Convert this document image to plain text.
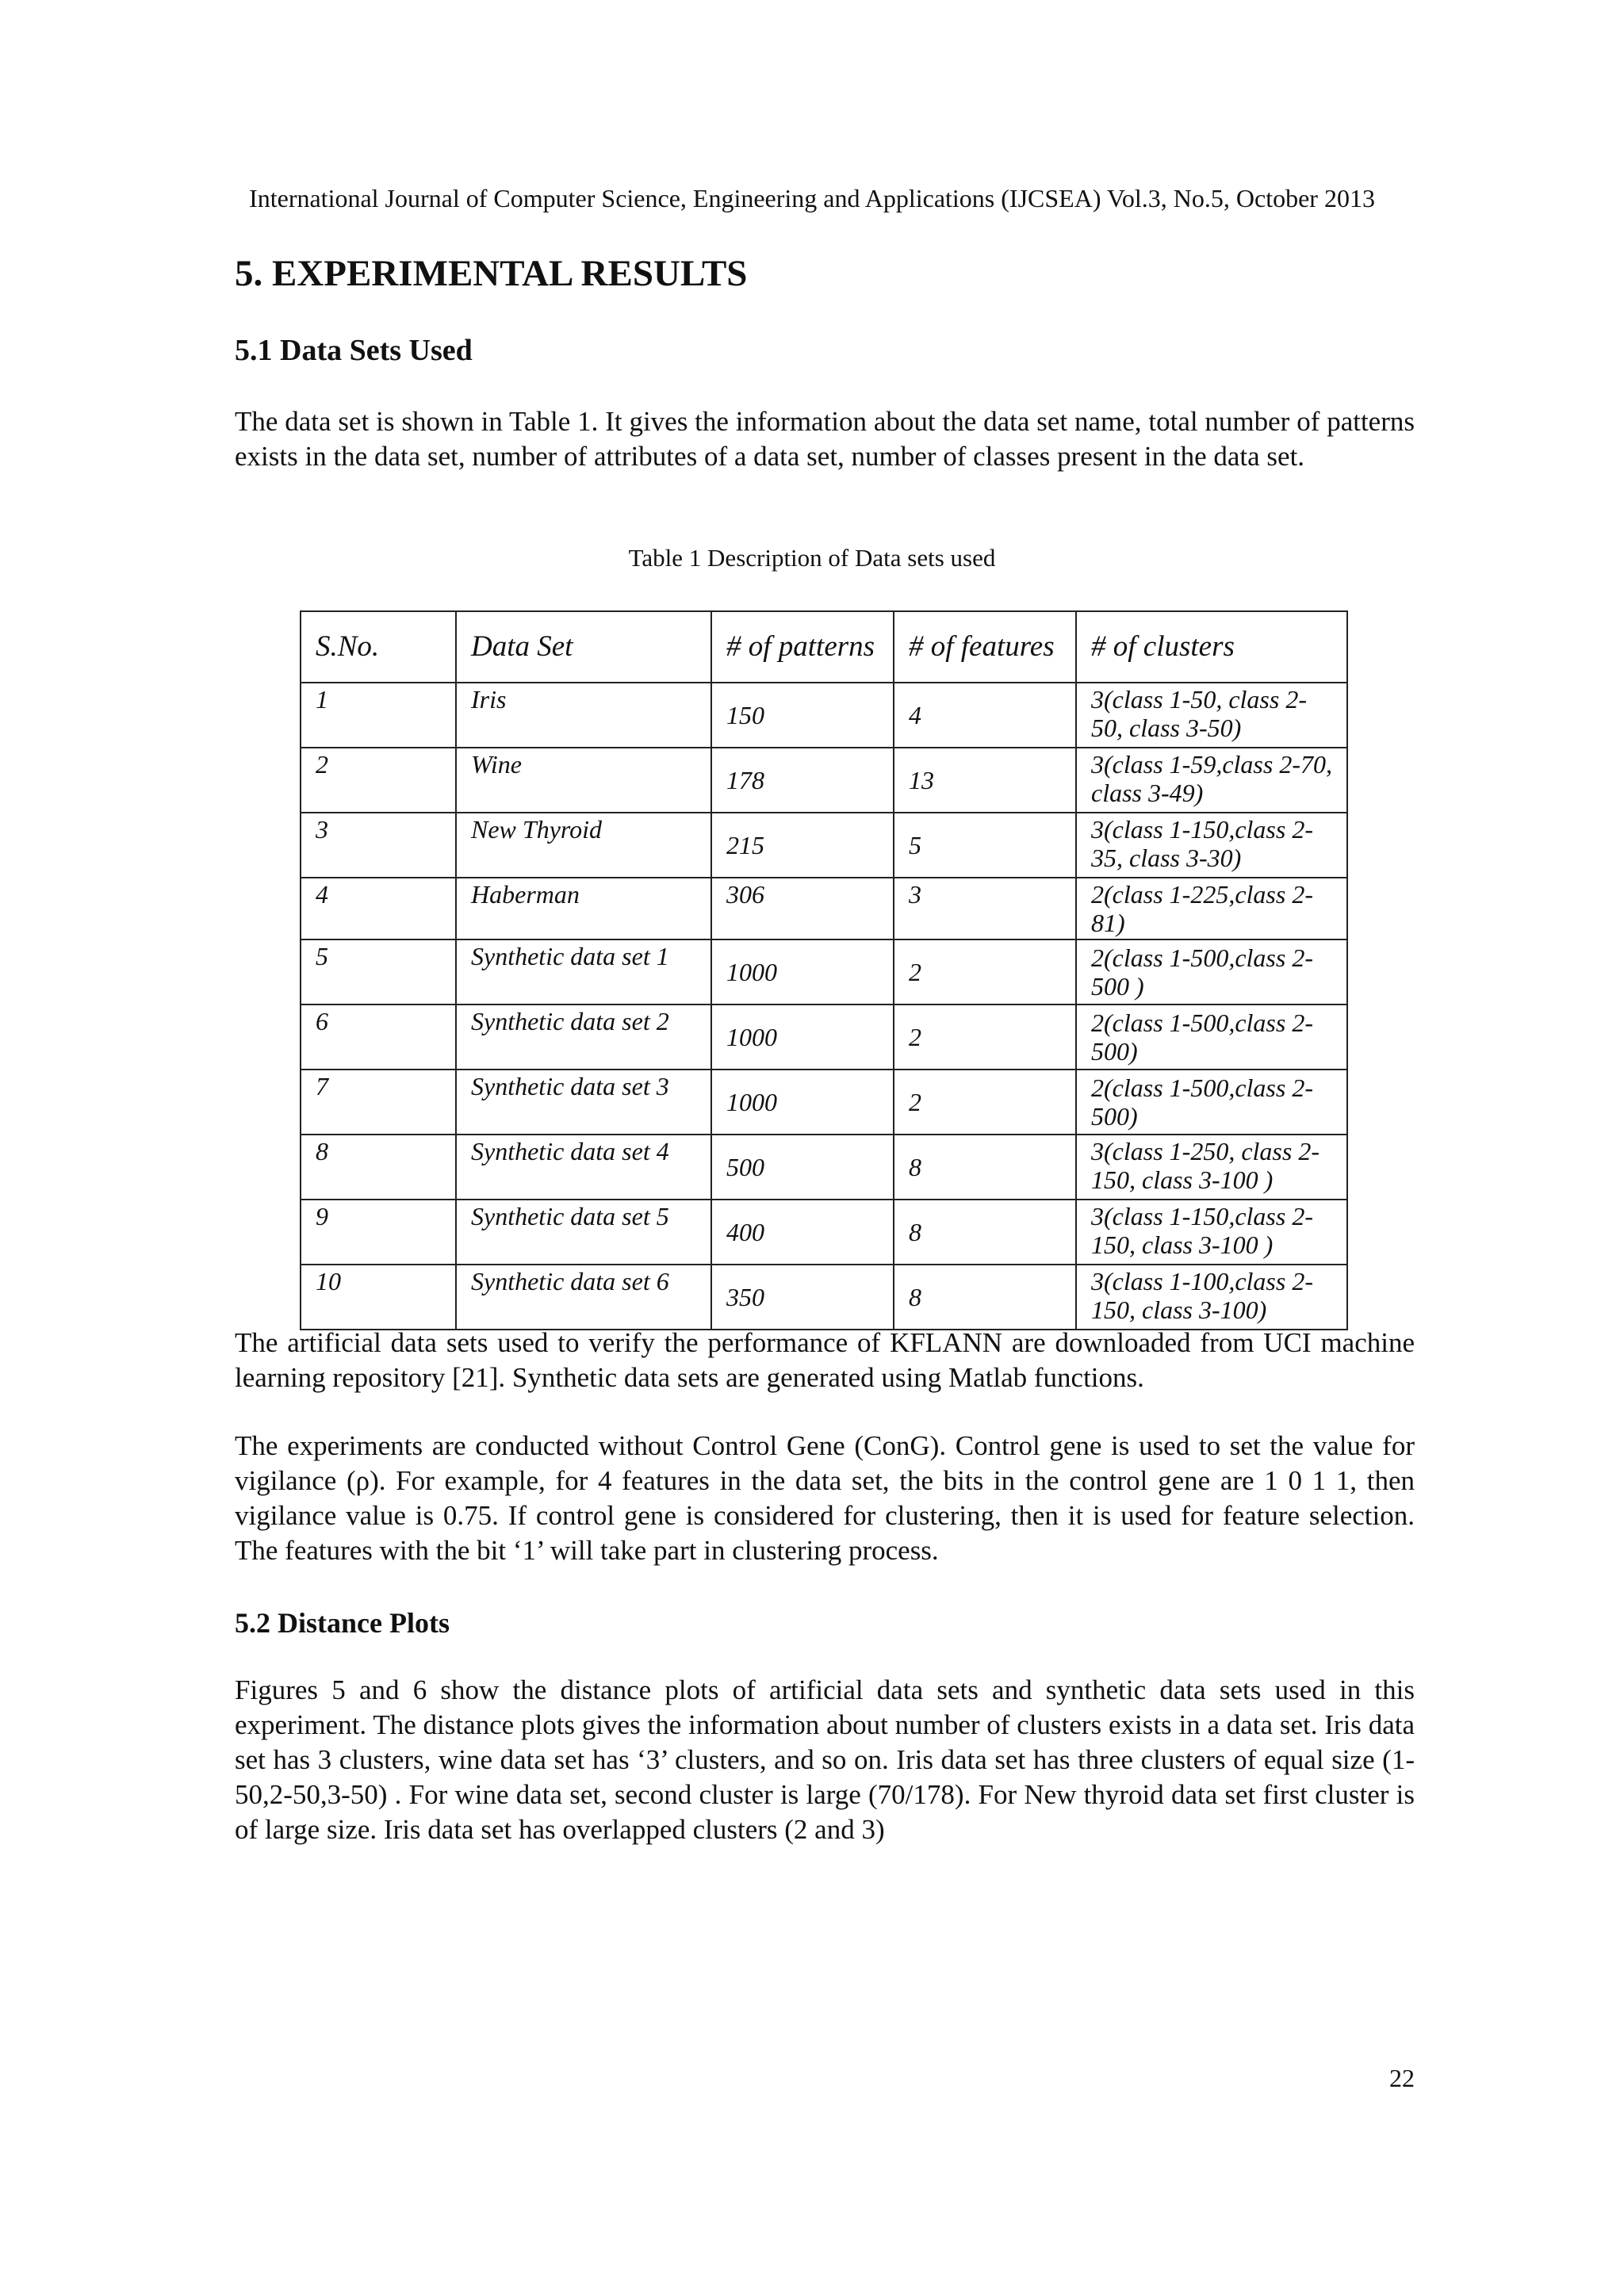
International Journal of Computer Science, Engineering and Applications (IJCSEA) Vol.3, No.5, October 2013
5. EXPERIMENTAL RESULTS
5.1 Data Sets Used

The data set is shown in Table 1. It gives the information about the data set name, total number of patterns exists in the data set, number of attributes of a data set, number of classes present in the data set.

Table 1 Description of Data sets used
S.No.	Data Set	# of patterns	# of features	# of clusters
1	Iris	150	4	3(class 1-50, class 2-50, class 3-50)
2	Wine	178	13	3(class 1-59,class 2-70, class 3-49)
3	New Thyroid	215	5	3(class 1-150,class 2-35, class 3-30)
4	Haberman	306	3	2(class 1-225,class 2-81)
5	Synthetic data set 1	1000	2	2(class 1-500,class 2-500 )
6	Synthetic data set 2	1000	2	2(class 1-500,class 2-500)
7	Synthetic data set 3	1000	2	2(class 1-500,class 2-500)
8	Synthetic data set 4	500	8	3(class 1-250, class 2-150, class 3-100 )
9	Synthetic data set 5	400	8	3(class 1-150,class 2-150, class 3-100 )
10	Synthetic data set 6	350	8	3(class 1-100,class 2-150, class 3-100)

The artificial data sets used to verify the performance of KFLANN are downloaded from UCI machine learning repository [21]. Synthetic data sets are generated using Matlab functions.

The experiments are conducted without Control Gene (ConG). Control gene is used to set the value for vigilance (ρ). For example, for 4 features in the data set, the bits in the control gene are 1 0 1 1, then vigilance value is 0.75. If control gene is considered for clustering, then it is used for feature selection. The features with the bit ‘1’ will take part in clustering process.

5.2 Distance Plots

Figures 5 and 6 show the distance plots of artificial data sets and synthetic data sets used in this experiment. The distance plots gives the information about number of clusters exists in a data set. Iris data set has 3 clusters, wine data set has ‘3’ clusters, and so on. Iris data set has three clusters of equal size (1-50,2-50,3-50) . For wine data set, second cluster is large (70/178). For New thyroid data set first cluster is of large size. Iris data set has overlapped clusters (2 and 3)

22
